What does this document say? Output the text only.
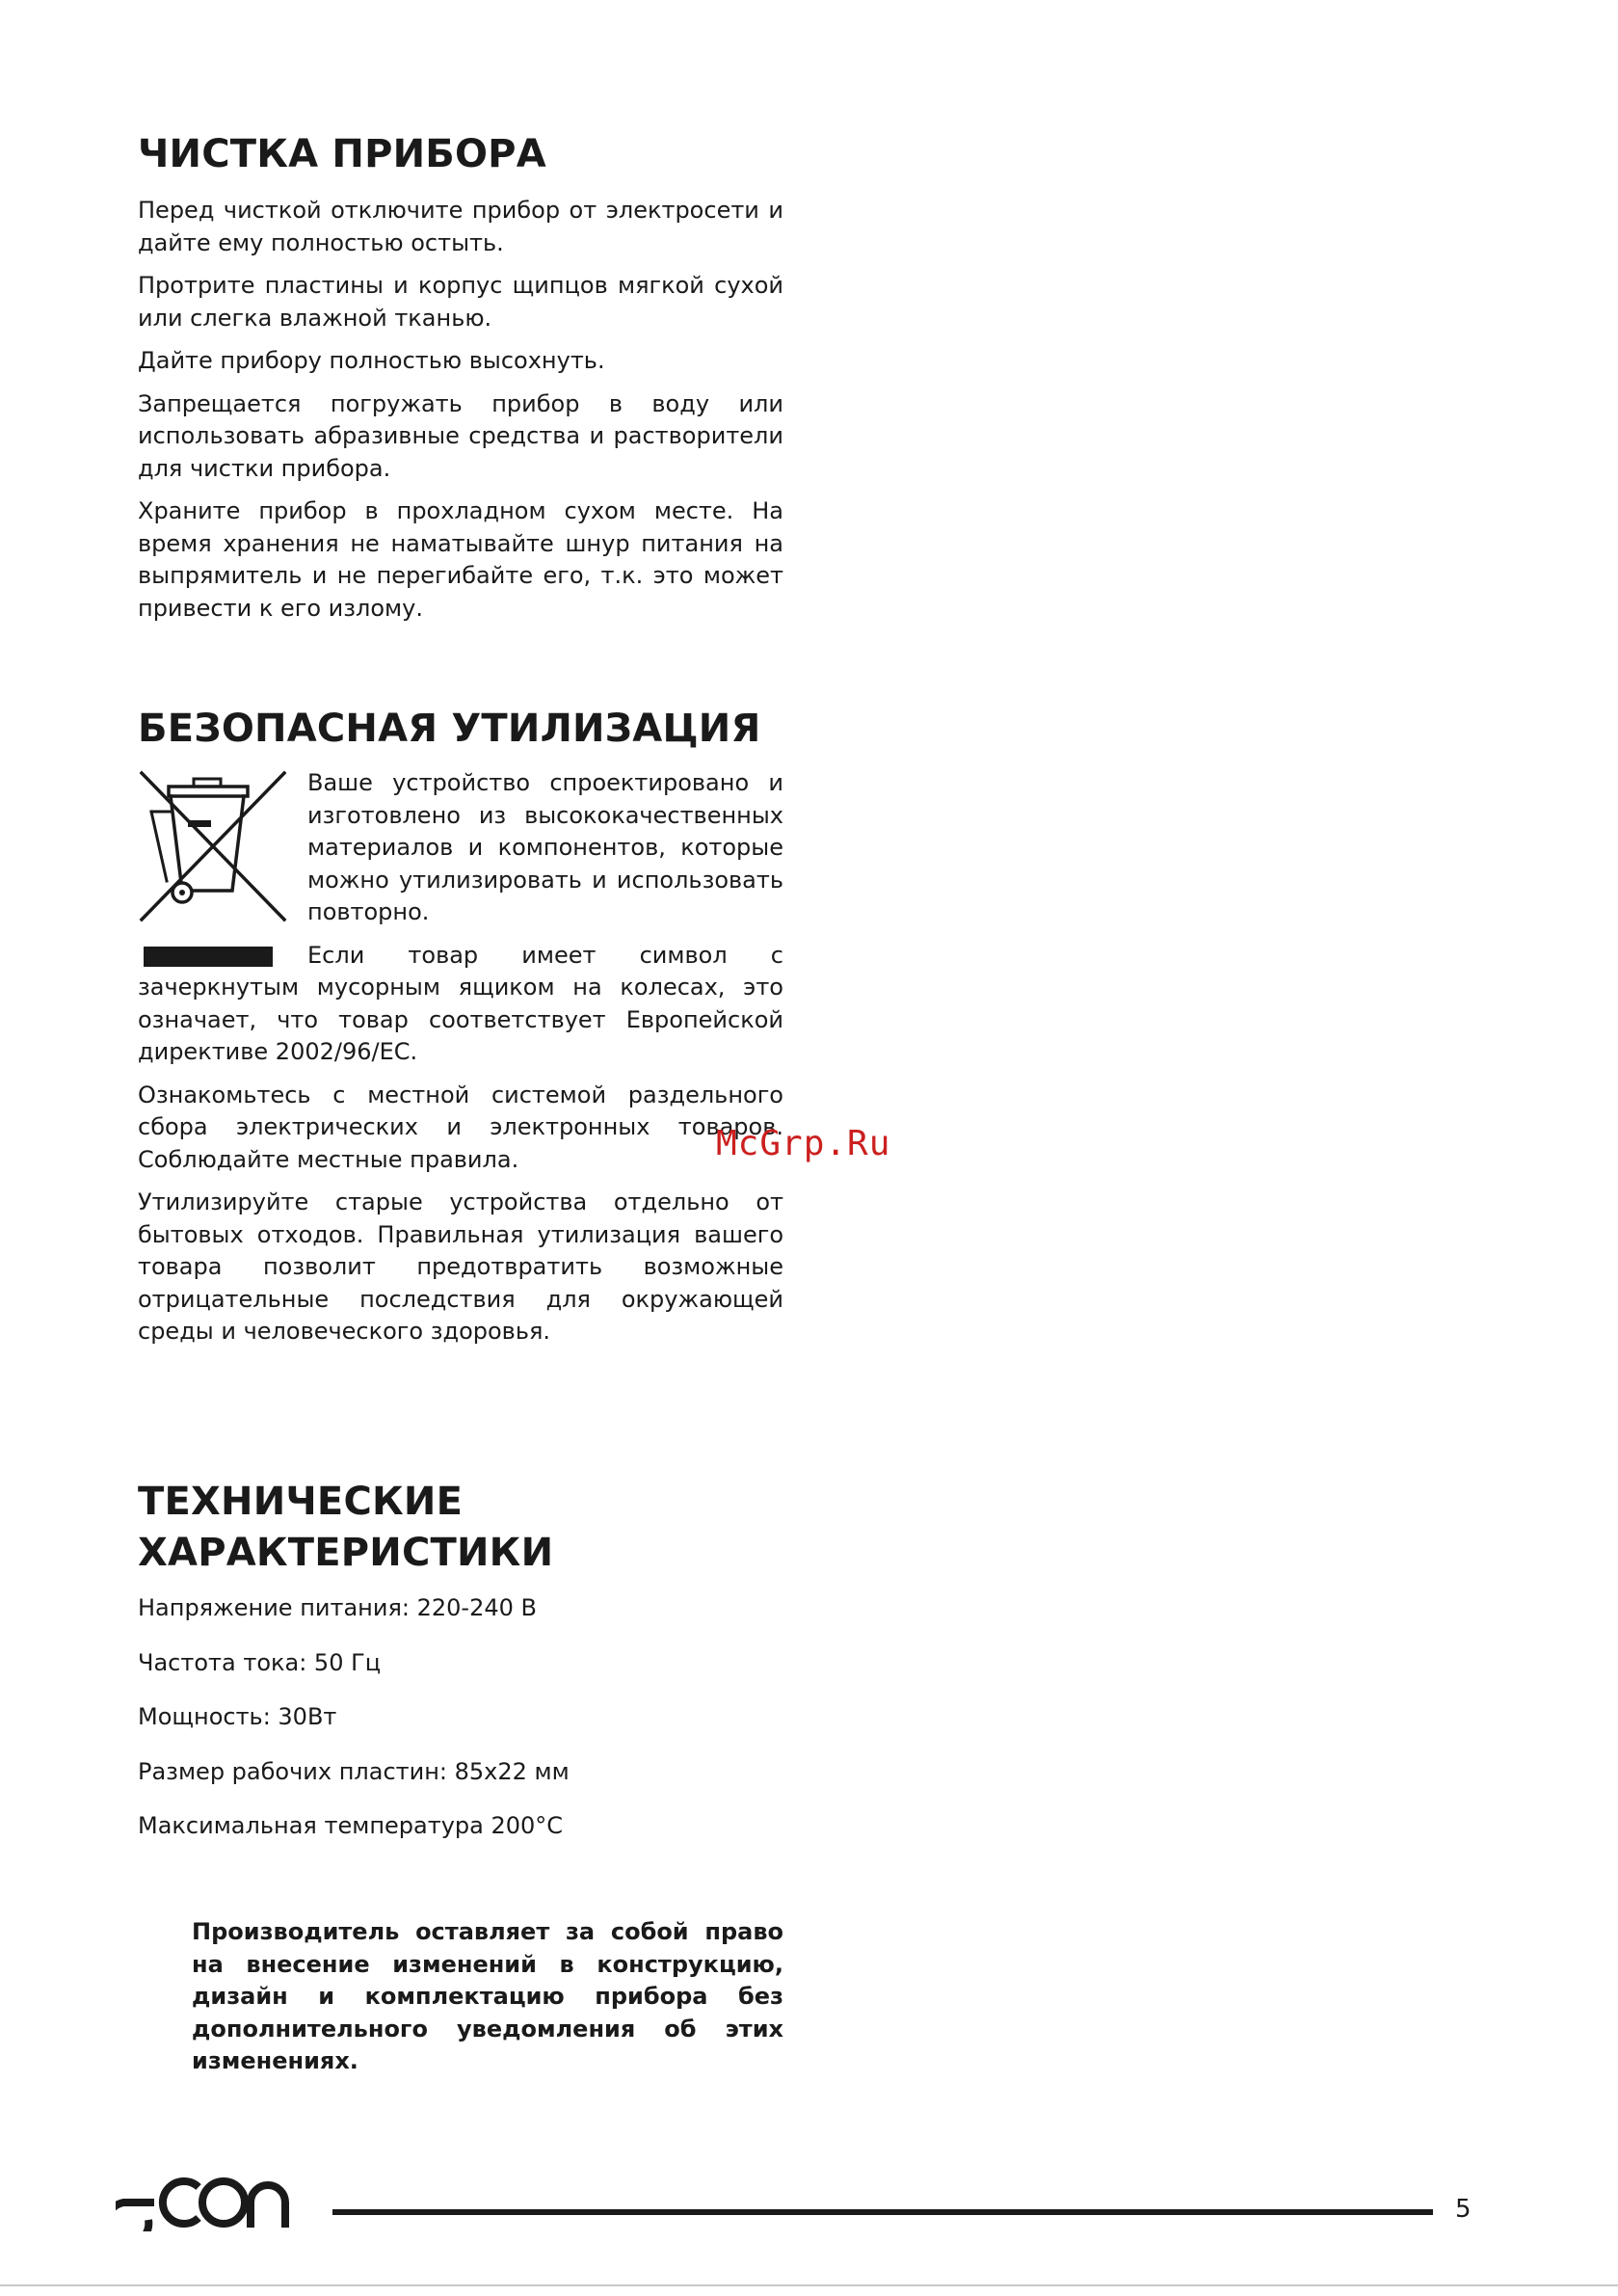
ЧИСТКА ПРИБОРА

Перед чисткой отключите прибор от электросети и дайте ему полностью остыть.

Протрите пластины и корпус щипцов мягкой сухой или слегка влажной тканью.

Дайте прибору полностью высохнуть.

Запрещается погружать прибор в воду или использовать абразивные средства и растворители для чистки прибора.

Храните прибор в прохладном сухом месте. На время хранения не наматывайте шнур питания на выпрямитель и не перегибайте его, т.к. это может привести к его излому.

БЕЗОПАСНАЯ УТИЛИЗАЦИЯ

Ваше устройство спроектировано и изготовлено из высококачественных материалов и компонентов, которые можно утилизировать и использовать повторно.

Если товар имеет символ с зачеркнутым мусорным ящиком на колесах, это означает, что товар соответствует Европейской директиве 2002/96/EC.

Ознакомьтесь с местной системой раздельного сбора электрических и электронных товаров. Соблюдайте местные правила.

Утилизируйте старые устройства отдельно от бытовых отходов. Правильная утилизация вашего товара позволит предотвратить возможные отрицательные последствия для окружающей среды и человеческого здоровья.

ТЕХНИЧЕСКИЕ
ХАРАКТЕРИСТИКИ

Напряжение питания: 220-240 В

Частота тока: 50 Гц

Мощность: 30Вт

Размер рабочих пластин: 85x22 мм

Максимальная температура 200°C

Производитель оставляет за собой право на внесение изменений в конструкцию, дизайн и комплектацию прибора без дополнительного уведомления об этих изменениях.

McGrp.Ru
5
